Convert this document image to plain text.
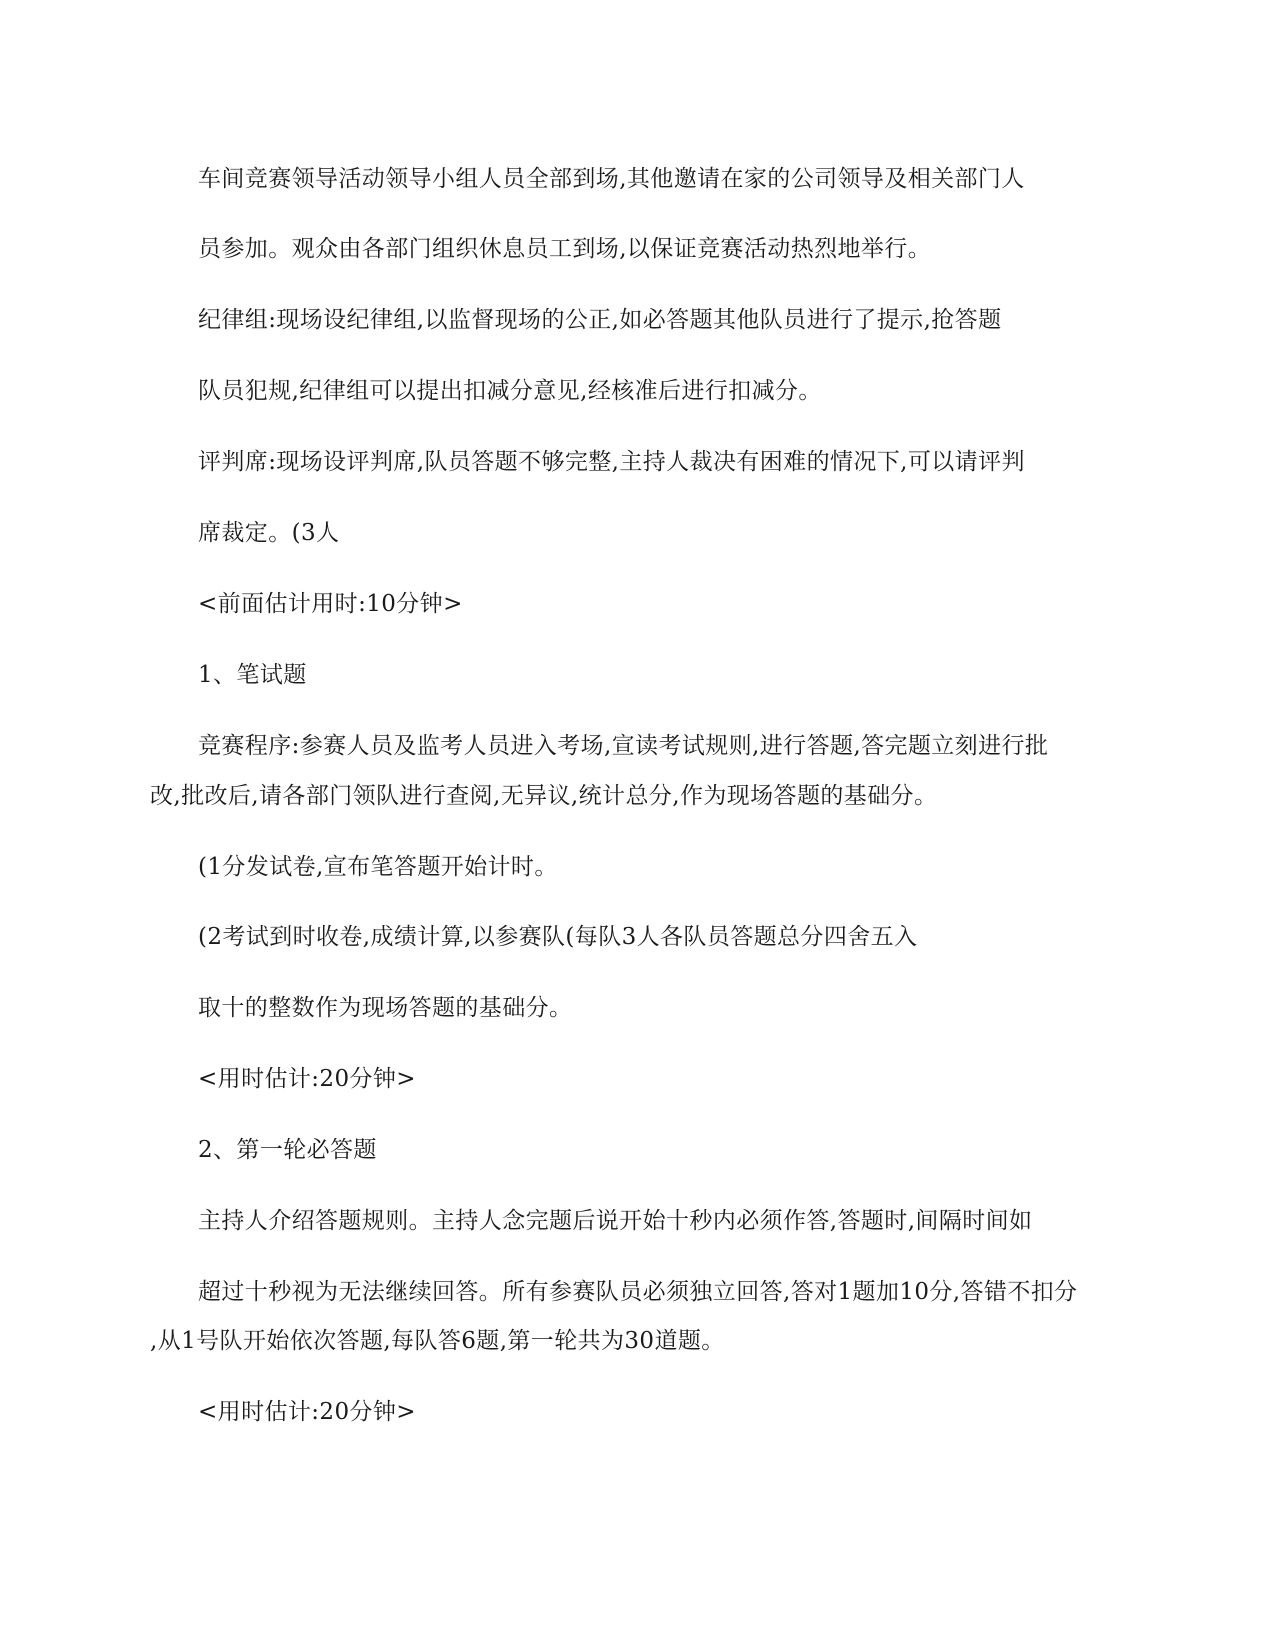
车间竞赛领导活动领导小组人员全部到场,其他邀请在家的公司领导及相关部门人
员参加。观众由各部门组织休息员工到场,以保证竞赛活动热烈地举行。
纪律组:现场设纪律组,以监督现场的公正,如必答题其他队员进行了提示,抢答题
队员犯规,纪律组可以提出扣减分意见,经核准后进行扣减分。
评判席:现场设评判席,队员答题不够完整,主持人裁决有困难的情况下,可以请评判
席裁定。(3人
<前面估计用时:10分钟>
1、笔试题
竞赛程序:参赛人员及监考人员进入考场,宣读考试规则,进行答题,答完题立刻进行批
改,批改后,请各部门领队进行查阅,无异议,统计总分,作为现场答题的基础分。
(1分发试卷,宣布笔答题开始计时。
(2考试到时收卷,成绩计算,以参赛队(每队3人各队员答题总分四舍五入
取十的整数作为现场答题的基础分。
<用时估计:20分钟>
2、第一轮必答题
主持人介绍答题规则。主持人念完题后说开始十秒内必须作答,答题时,间隔时间如
超过十秒视为无法继续回答。所有参赛队员必须独立回答,答对1题加10分,答错不扣分
,从1号队开始依次答题,每队答6题,第一轮共为30道题。
<用时估计:20分钟>
